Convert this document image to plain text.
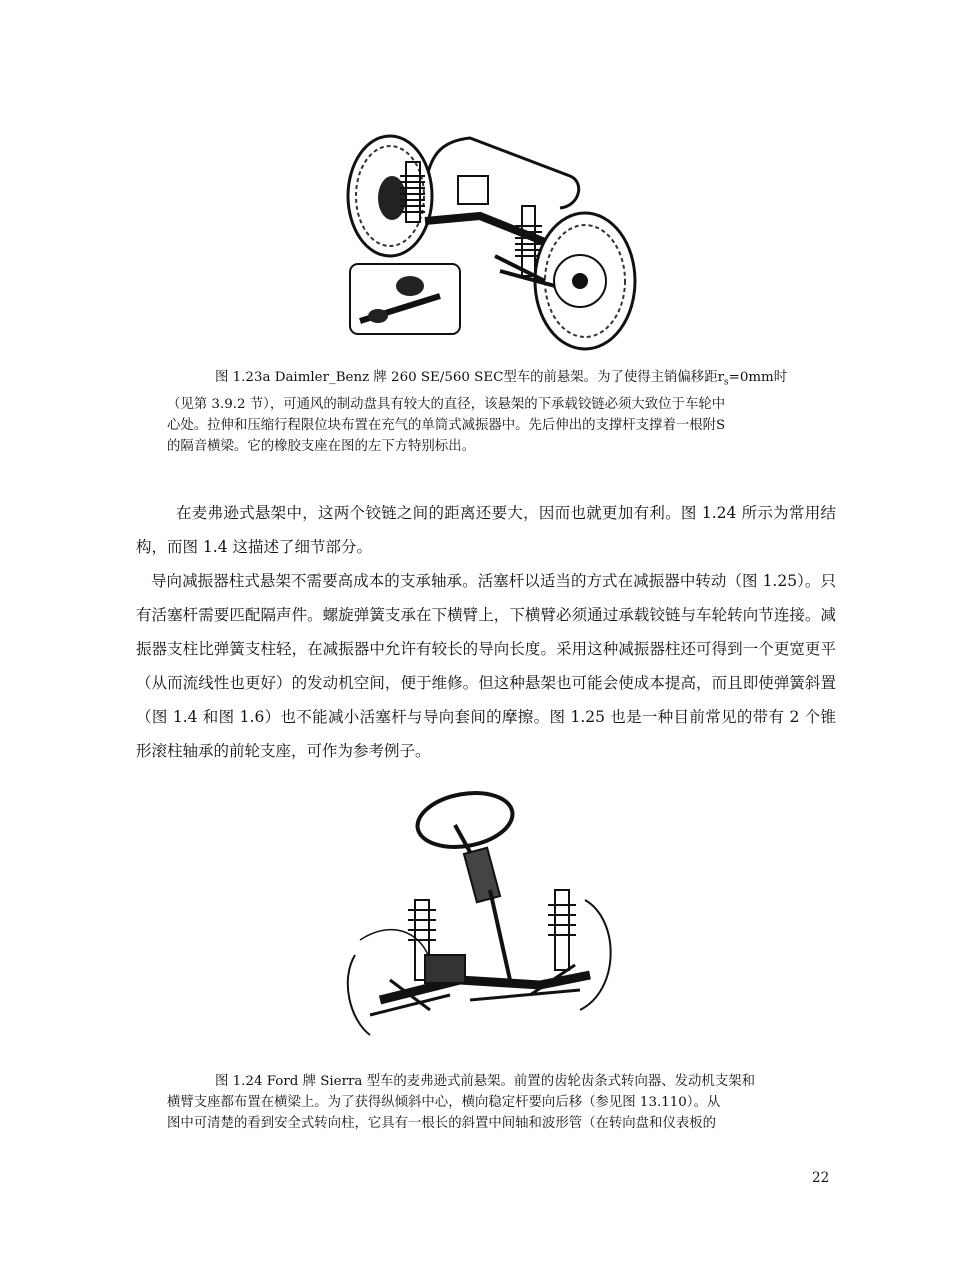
图 1.23a Daimler_Benz 牌 260 SE/560 SEC型车的前悬架。为了使得主销偏移距$r_s=0mm$时

（见第 3.9.2 节），可通风的制动盘具有较大的直径，该悬架的下承载铰链必须大致位于车轮中

心处。拉伸和压缩行程限位块布置在充气的单筒式减振器中。先后伸出的支撑杆支撑着一根附S

的隔音横梁。它的橡胶支座在图的左下方特别标出。

在麦弗逊式悬架中，这两个铰链之间的距离还要大，因而也就更加有利。图 1.24 所示为常用结构，而图 1.4 这描述了细节部分。

导向减振器柱式悬架不需要高成本的支承轴承。活塞杆以适当的方式在减振器中转动（图 1.25）。只有活塞杆需要匹配隔声件。螺旋弹簧支承在下横臂上，下横臂必须通过承载铰链与车轮转向节连接。减振器支柱比弹簧支柱轻，在减振器中允许有较长的导向长度。采用这种减振器柱还可得到一个更宽更平（从而流线性也更好）的发动机空间，便于维修。但这种悬架也可能会使成本提高，而且即使弹簧斜置（图 1.4 和图 1.6）也不能减小活塞杆与导向套间的摩擦。图 1.25 也是一种目前常见的带有 2 个锥形滚柱轴承的前轮支座，可作为参考例子。

图 1.24 Ford 牌 Sierra 型车的麦弗逊式前悬架。前置的齿轮齿条式转向器、发动机支架和

横臂支座都布置在横梁上。为了获得纵倾斜中心，横向稳定杆要向后移（参见图 13.110）。从

图中可清楚的看到安全式转向柱，它具有一根长的斜置中间轴和波形管（在转向盘和仪表板的

22
